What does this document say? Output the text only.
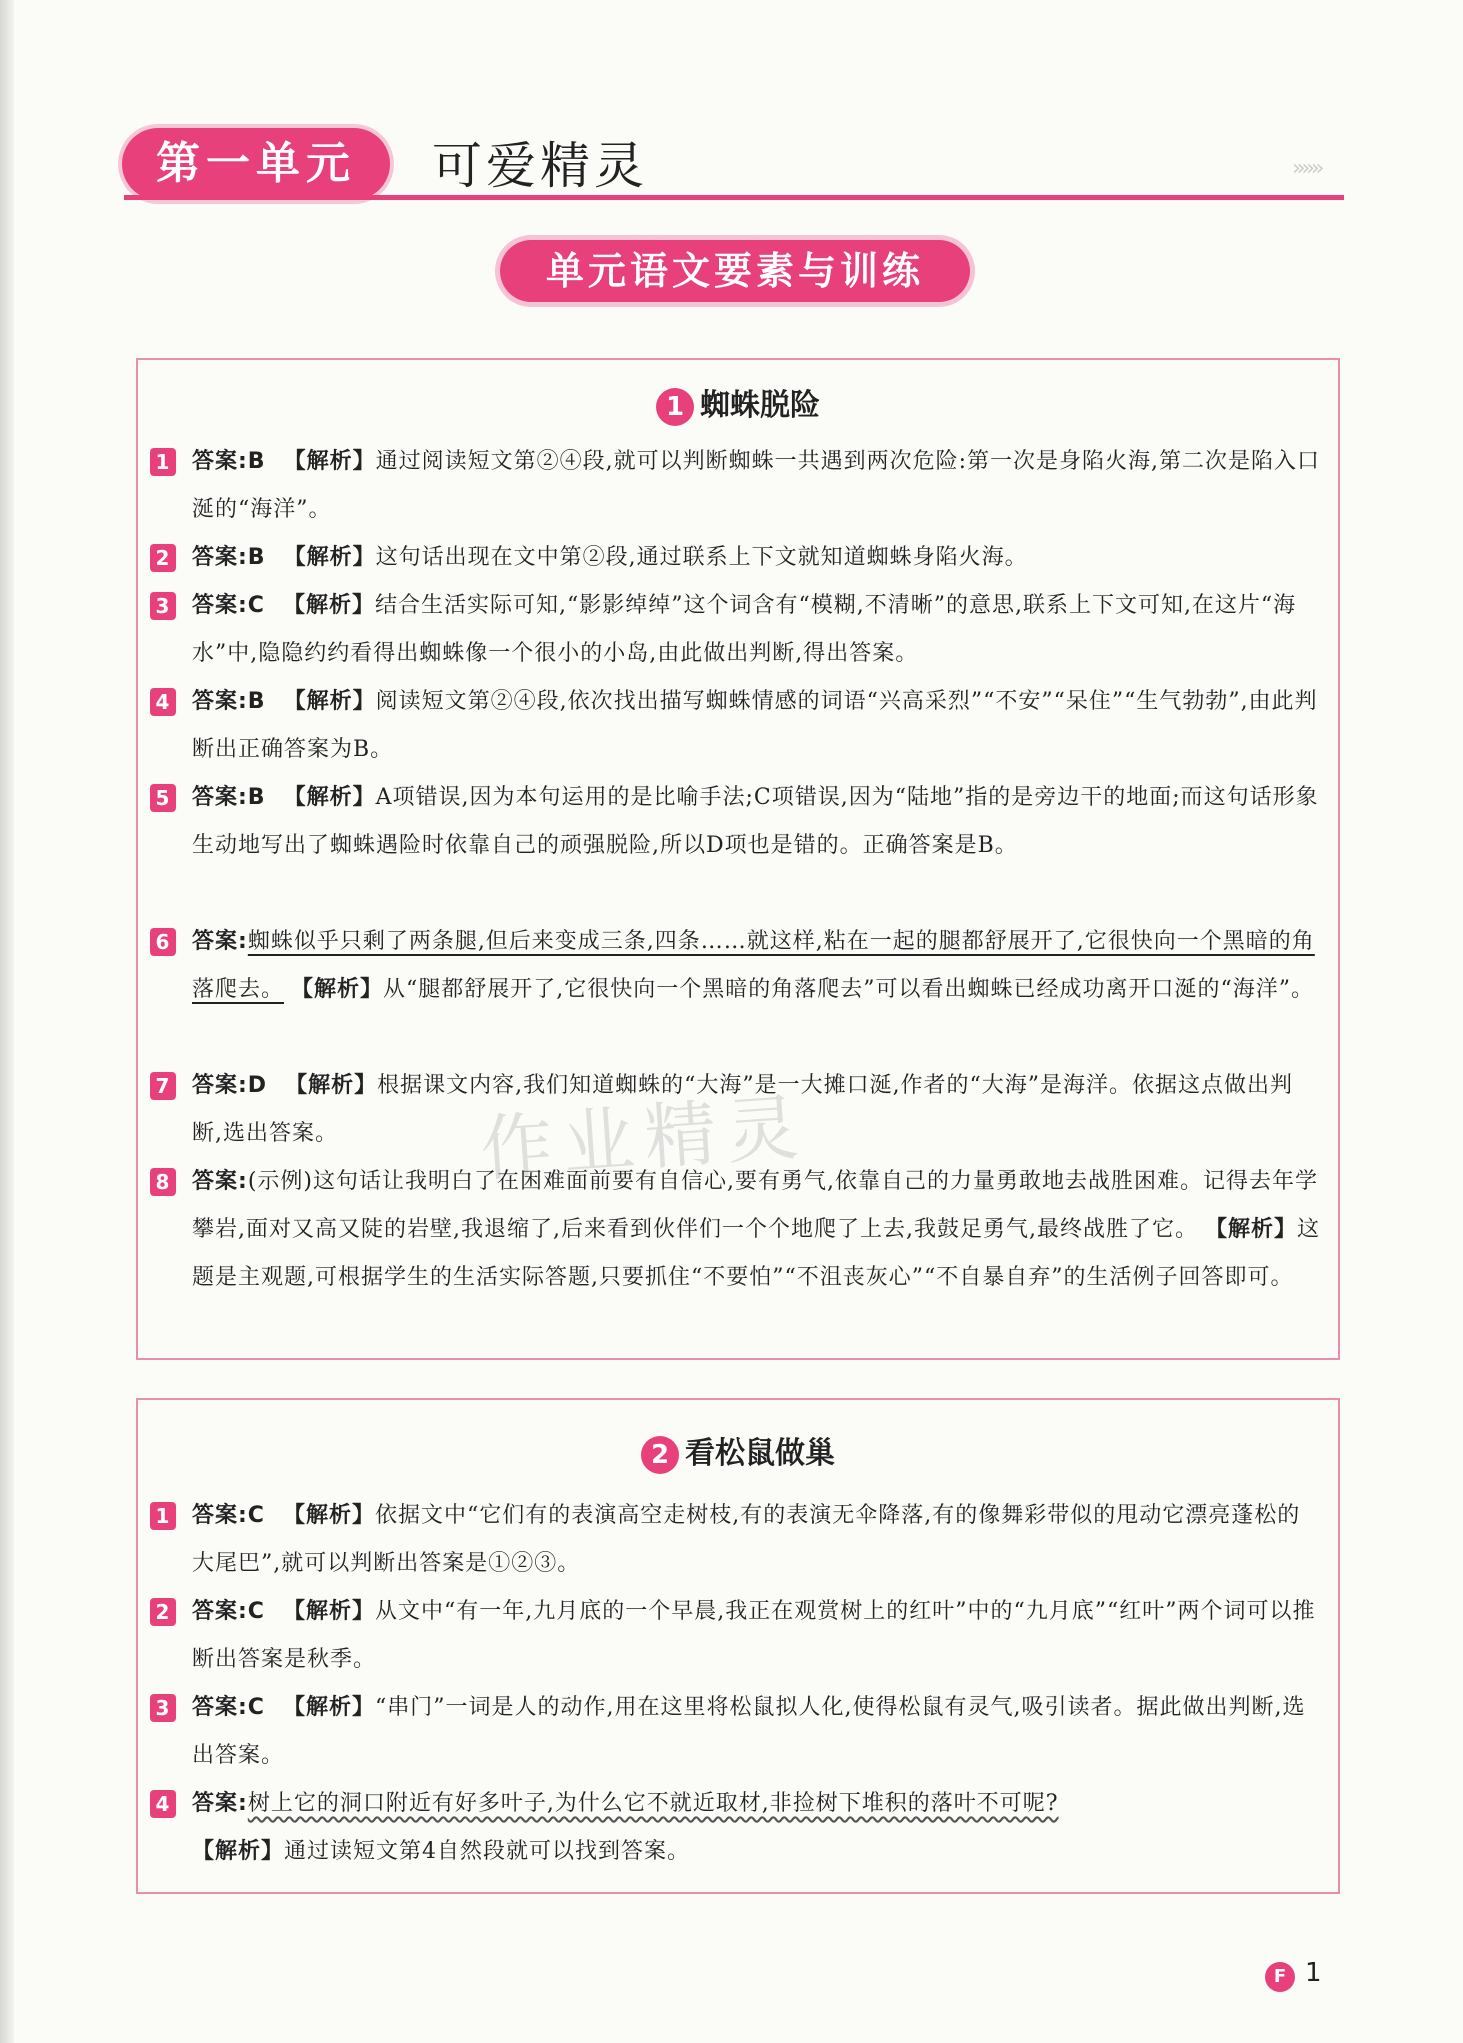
第一单元	可爱精灵	»»»
单元语文要素与训练
1 蜘蛛脱险
1 答案:B 【解析】通过阅读短文第②④段,就可以判断蜘蛛一共遇到两次危险:第一次是身陷火海,第二次是陷入口涎的“海洋”。
2 答案:B 【解析】这句话出现在文中第②段,通过联系上下文就知道蜘蛛身陷火海。
3 答案:C 【解析】结合生活实际可知,“影影绰绰”这个词含有“模糊,不清晰”的意思,联系上下文可知,在这片“海水”中,隐隐约约看得出蜘蛛像一个很小的小岛,由此做出判断,得出答案。
4 答案:B 【解析】阅读短文第②④段,依次找出描写蜘蛛情感的词语“兴高采烈”“不安”“呆住”“生气勃勃”,由此判断出正确答案为B。
5 答案:B 【解析】A项错误,因为本句运用的是比喻手法;C项错误,因为“陆地”指的是旁边干的地面;而这句话形象生动地写出了蜘蛛遇险时依靠自己的顽强脱险,所以D项也是错的。正确答案是B。
6 答案:蜘蛛似乎只剩了两条腿,但后来变成三条,四条……就这样,粘在一起的腿都舒展开了,它很快向一个黑暗的角落爬去。 【解析】从“腿都舒展开了,它很快向一个黑暗的角落爬去”可以看出蜘蛛已经成功离开口涎的“海洋”。
7 答案:D 【解析】根据课文内容,我们知道蜘蛛的“大海”是一大摊口涎,作者的“大海”是海洋。依据这点做出判断,选出答案。
8 答案:(示例)这句话让我明白了在困难面前要有自信心,要有勇气,依靠自己的力量勇敢地去战胜困难。记得去年学攀岩,面对又高又陡的岩壁,我退缩了,后来看到伙伴们一个个地爬了上去,我鼓足勇气,最终战胜了它。 【解析】这题是主观题,可根据学生的生活实际答题,只要抓住“不要怕”“不沮丧灰心”“不自暴自弃”的生活例子回答即可。
2 看松鼠做巢
1 答案:C 【解析】依据文中“它们有的表演高空走树枝,有的表演无伞降落,有的像舞彩带似的甩动它漂亮蓬松的大尾巴”,就可以判断出答案是①②③。
2 答案:C 【解析】从文中“有一年,九月底的一个早晨,我正在观赏树上的红叶”中的“九月底”“红叶”两个词可以推断出答案是秋季。
3 答案:C 【解析】“串门”一词是人的动作,用在这里将松鼠拟人化,使得松鼠有灵气,吸引读者。据此做出判断,选出答案。
4 答案:树上它的洞口附近有好多叶子,为什么它不就近取材,非捡树下堆积的落叶不可呢?
【解析】通过读短文第4自然段就可以找到答案。
作业精灵
F 1
